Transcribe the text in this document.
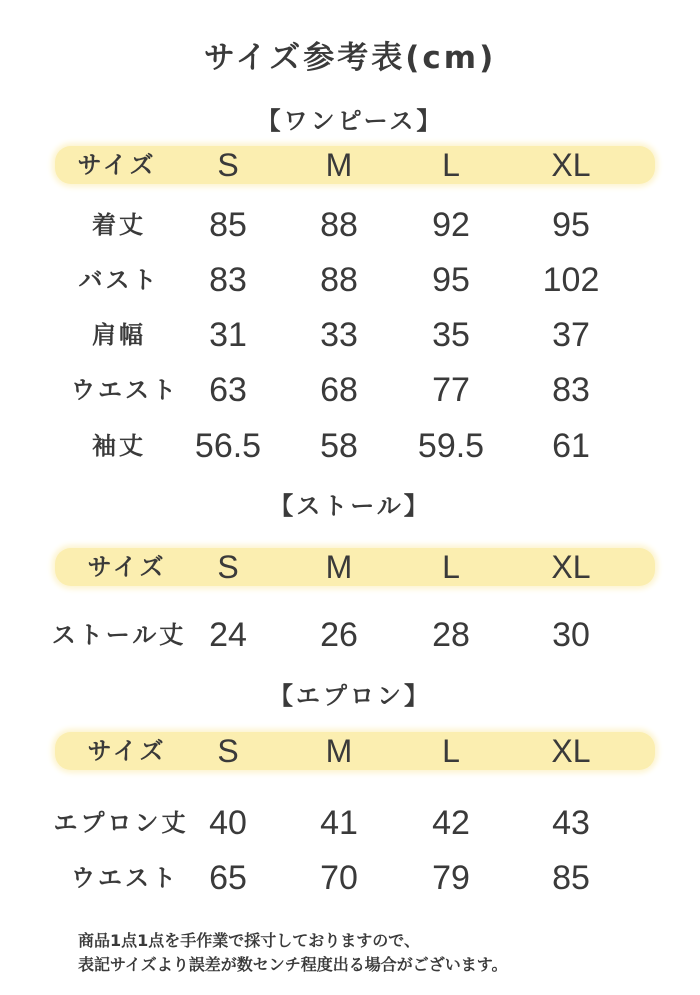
サイズ参考表(cm)
【ワンピース】
サイズ	S	M	L	XL
着丈	85	88	92	95
バスト	83	88	95	102
肩幅	31	33	35	37
ウエスト 63	68	77	83
袖丈	56.5	58	59.5	61
【ストール】
サイズ	S	M	L	XL
ストール丈 24	26	28	30
【エプロン】
サイズ	S	M	L	XL
エプロン丈 40	41	42	43
ウエスト 65	70	79	85
商品1点1点を手作業で採寸しておりますので、
表記サイズより誤差が数センチ程度出る場合がございます。
